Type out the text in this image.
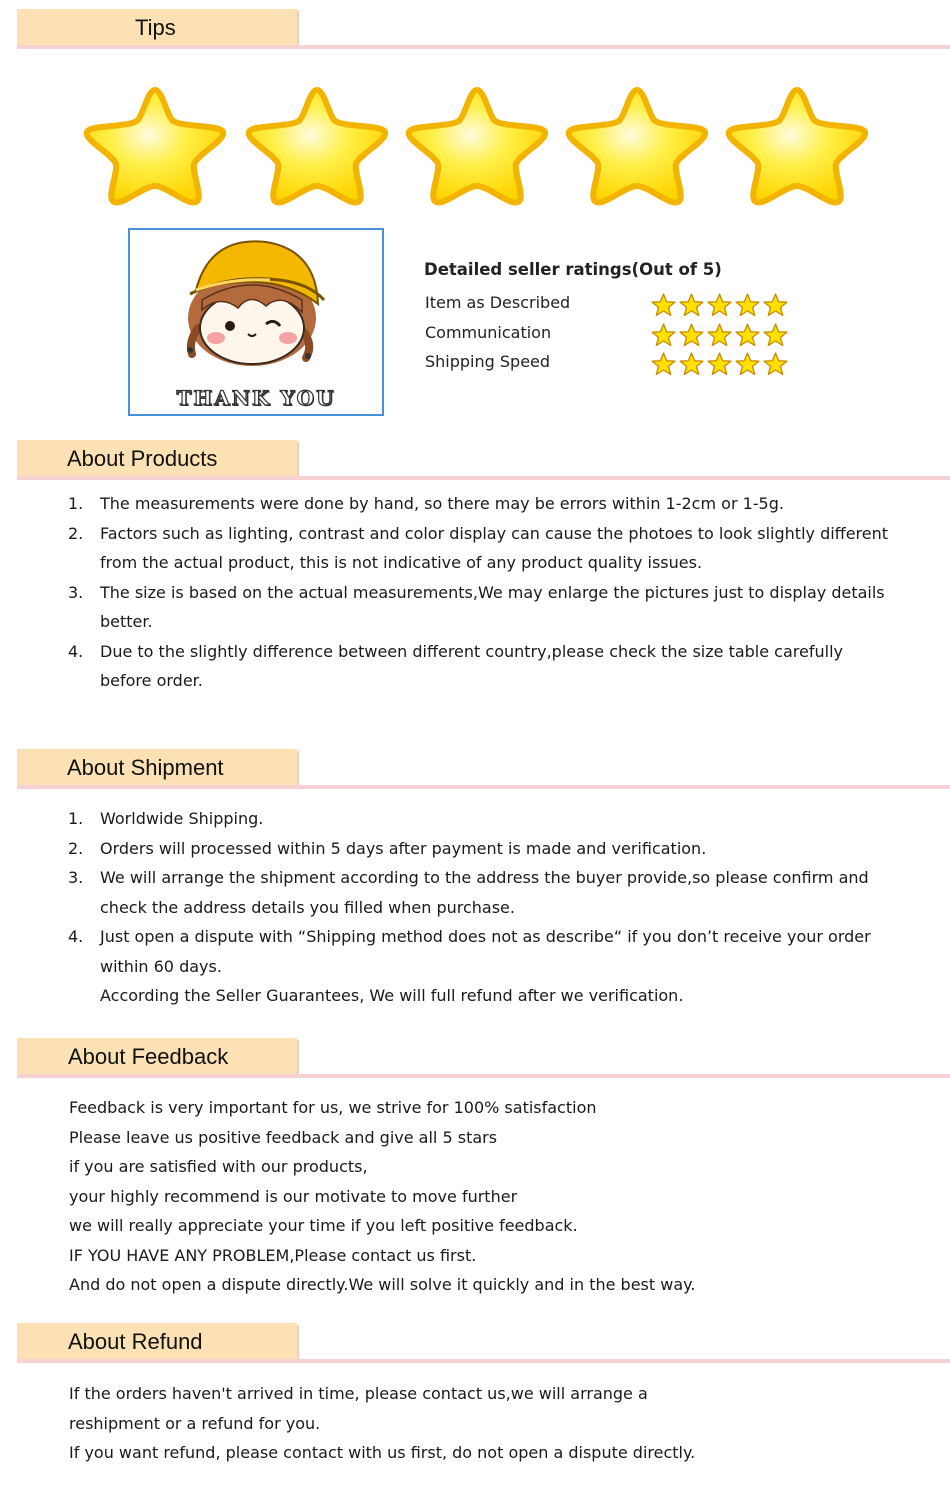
Tips
THANK YOU
Detailed seller ratings(Out of 5)
Item as Described
Communication
Shipping Speed
About Products
1. The measurements were done by hand, so there may be errors within 1-2cm or 1-5g.
2. Factors such as lighting, contrast and color display can cause the photoes to look slightly different from the actual product, this is not indicative of any product quality issues.
3. The size is based on the actual measurements,We may enlarge the pictures just to display details better.
4. Due to the slightly difference between different country,please check the size table carefully before order.
About Shipment
1. Worldwide Shipping.
2. Orders will processed within 5 days after payment is made and verification.
3. We will arrange the shipment according to the address the buyer provide,so please confirm and check the address details you filled when purchase.
4. Just open a dispute with “Shipping method does not as describe“ if you don’t receive your order within 60 days.
According the Seller Guarantees, We will full refund after we verification.
About Feedback
Feedback is very important for us, we strive for 100% satisfaction
Please leave us positive feedback and give all 5 stars
if you are satisfied with our products,
your highly recommend is our motivate to move further
we will really appreciate your time if you left positive feedback.
IF YOU HAVE ANY PROBLEM,Please contact us first.
And do not open a dispute directly.We will solve it quickly and in the best way.
About Refund
If the orders haven't arrived in time, please contact us,we will arrange a
reshipment or a refund for you.
If you want refund, please contact with us first, do not open a dispute directly.
